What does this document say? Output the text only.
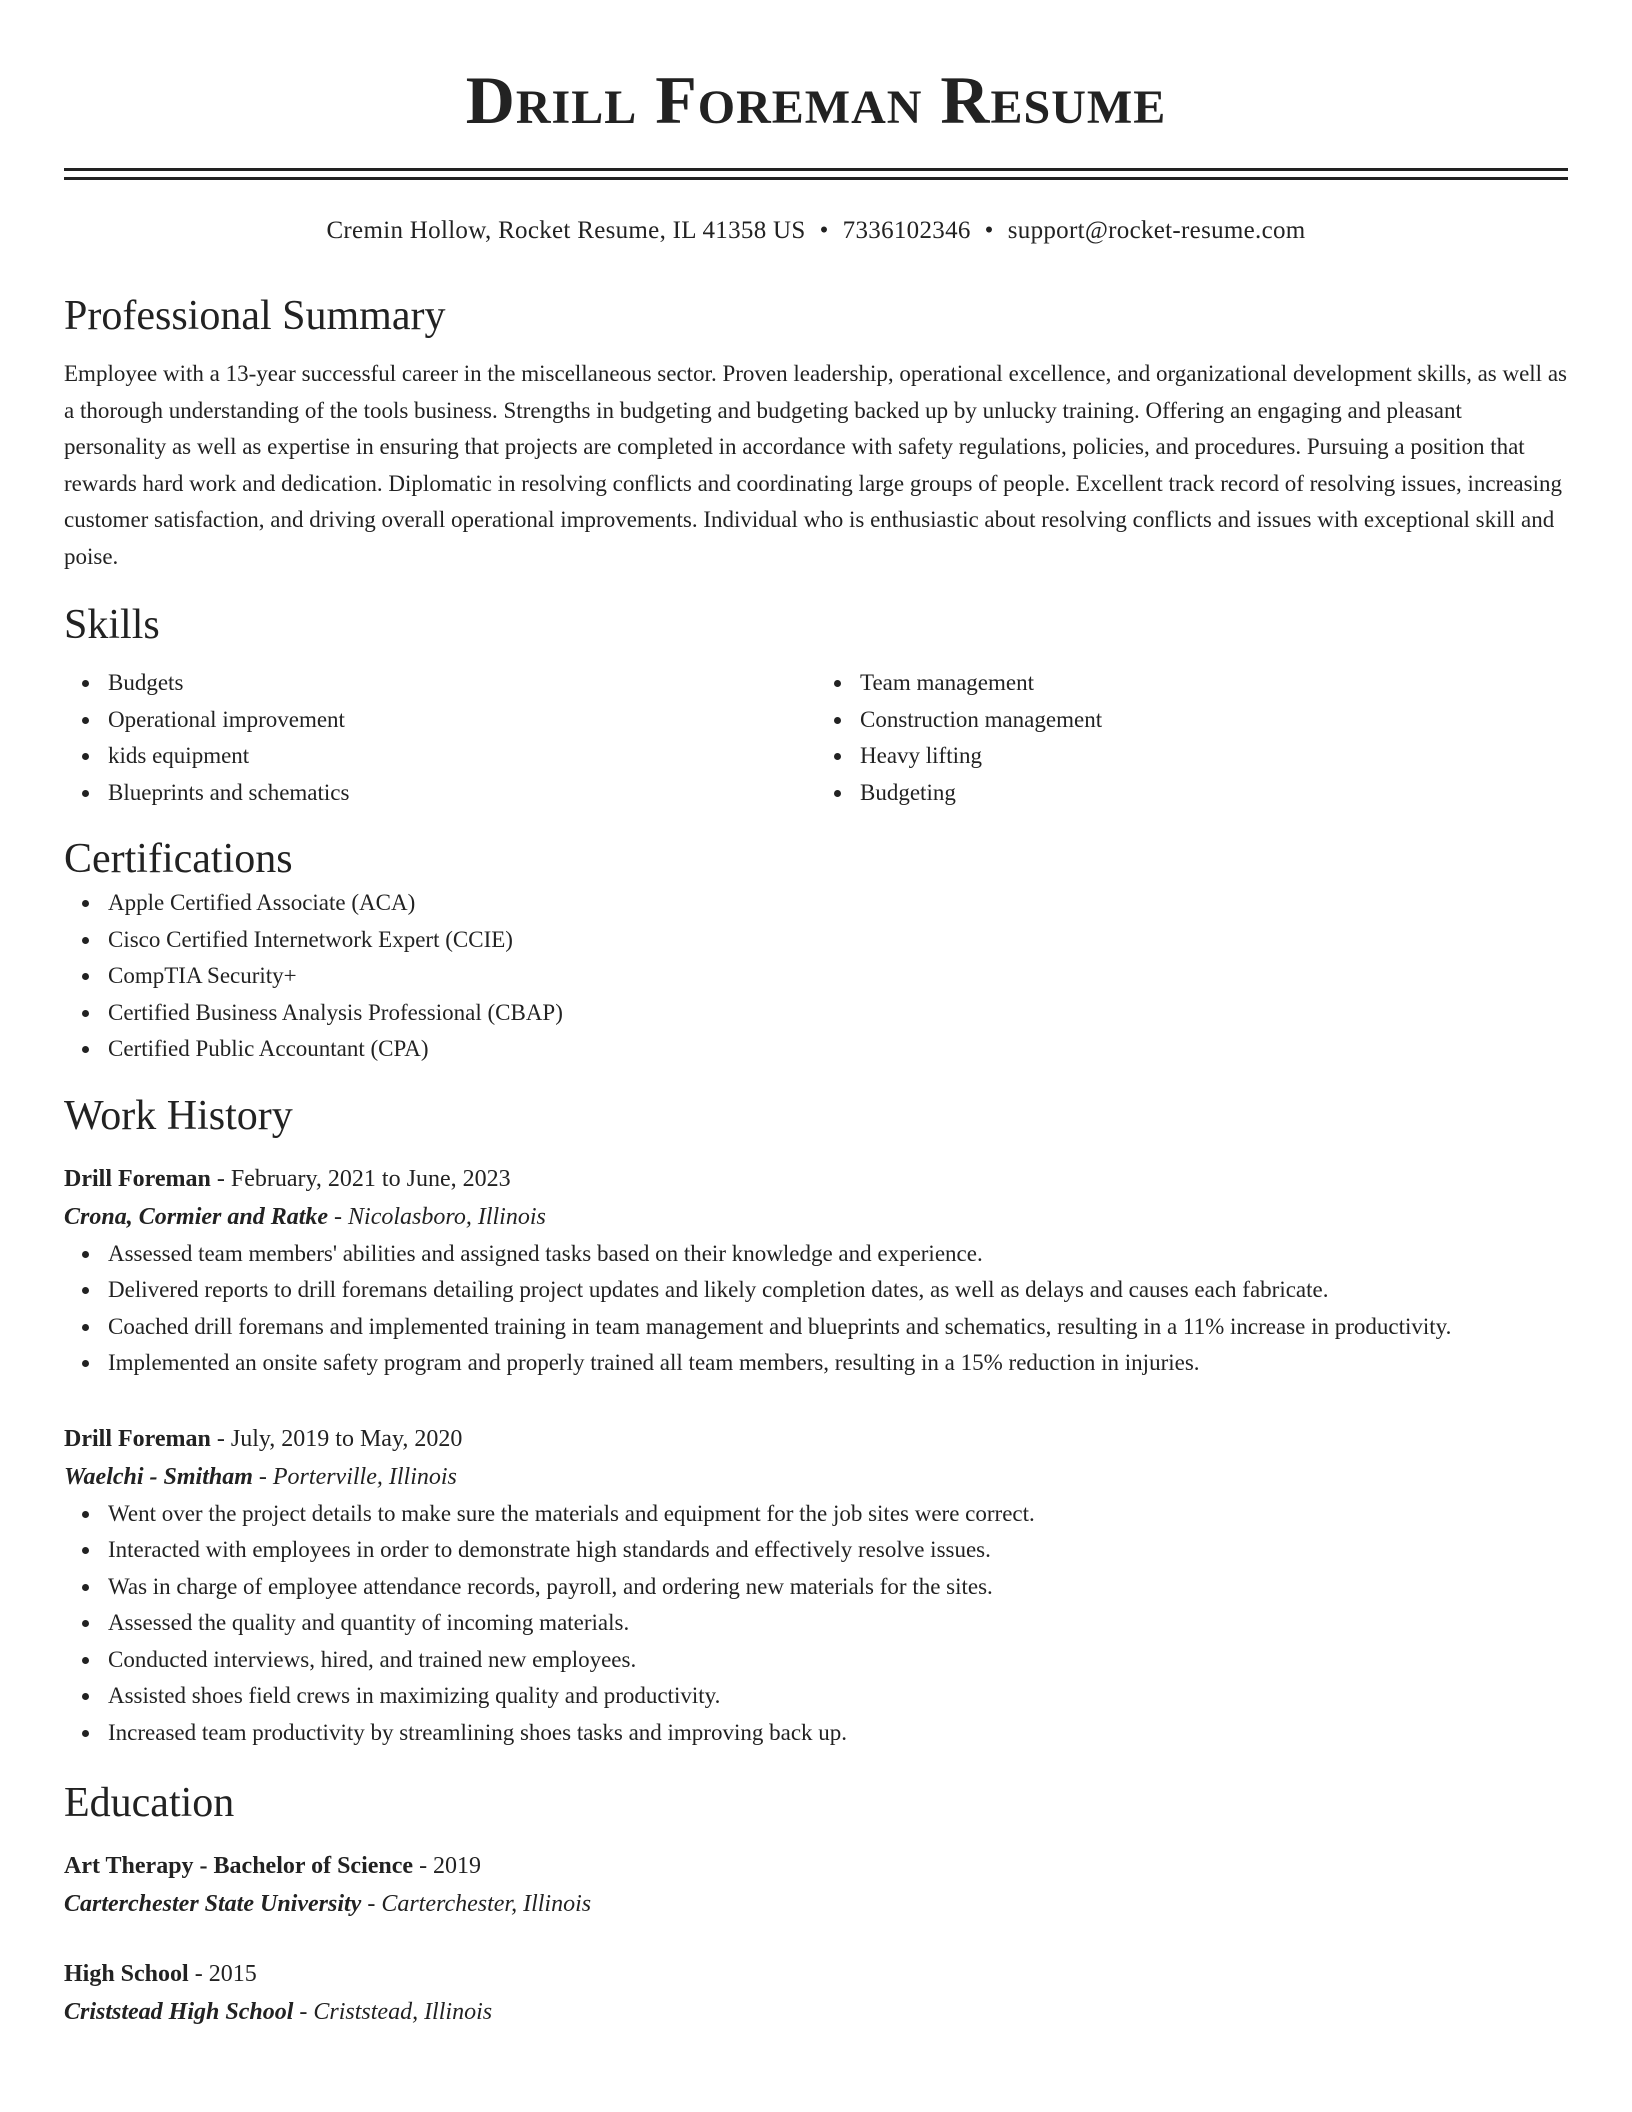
Drill Foreman Resume
Cremin Hollow, Rocket Resume, IL 41358 US • 7336102346 • support@rocket-resume.com
Professional Summary

Employee with a 13-year successful career in the miscellaneous sector. Proven leadership, operational excellence, and organizational development skills, as well as a thorough understanding of the tools business. Strengths in budgeting and budgeting backed up by unlucky training. Offering an engaging and pleasant personality as well as expertise in ensuring that projects are completed in accordance with safety regulations, policies, and procedures. Pursuing a position that rewards hard work and dedication. Diplomatic in resolving conflicts and coordinating large groups of people. Excellent track record of resolving issues, increasing customer satisfaction, and driving overall operational improvements. Individual who is enthusiastic about resolving conflicts and issues with exceptional skill and poise.

Skills
Budgets
Operational improvement
kids equipment
Blueprints and schematics
Team management
Construction management
Heavy lifting
Budgeting
Certifications
Apple Certified Associate (ACA)
Cisco Certified Internetwork Expert (CCIE)
CompTIA Security+
Certified Business Analysis Professional (CBAP)
Certified Public Accountant (CPA)
Work History
Drill Foreman - February, 2021 to June, 2023
Crona, Cormier and Ratke - Nicolasboro, Illinois
Assessed team members' abilities and assigned tasks based on their knowledge and experience.
Delivered reports to drill foremans detailing project updates and likely completion dates, as well as delays and causes each fabricate.
Coached drill foremans and implemented training in team management and blueprints and schematics, resulting in a 11% increase in productivity.
Implemented an onsite safety program and properly trained all team members, resulting in a 15% reduction in injuries.
Drill Foreman - July, 2019 to May, 2020
Waelchi - Smitham - Porterville, Illinois
Went over the project details to make sure the materials and equipment for the job sites were correct.
Interacted with employees in order to demonstrate high standards and effectively resolve issues.
Was in charge of employee attendance records, payroll, and ordering new materials for the sites.
Assessed the quality and quantity of incoming materials.
Conducted interviews, hired, and trained new employees.
Assisted shoes field crews in maximizing quality and productivity.
Increased team productivity by streamlining shoes tasks and improving back up.
Education
Art Therapy - Bachelor of Science - 2019
Carterchester State University - Carterchester, Illinois
High School - 2015
Criststead High School - Criststead, Illinois
